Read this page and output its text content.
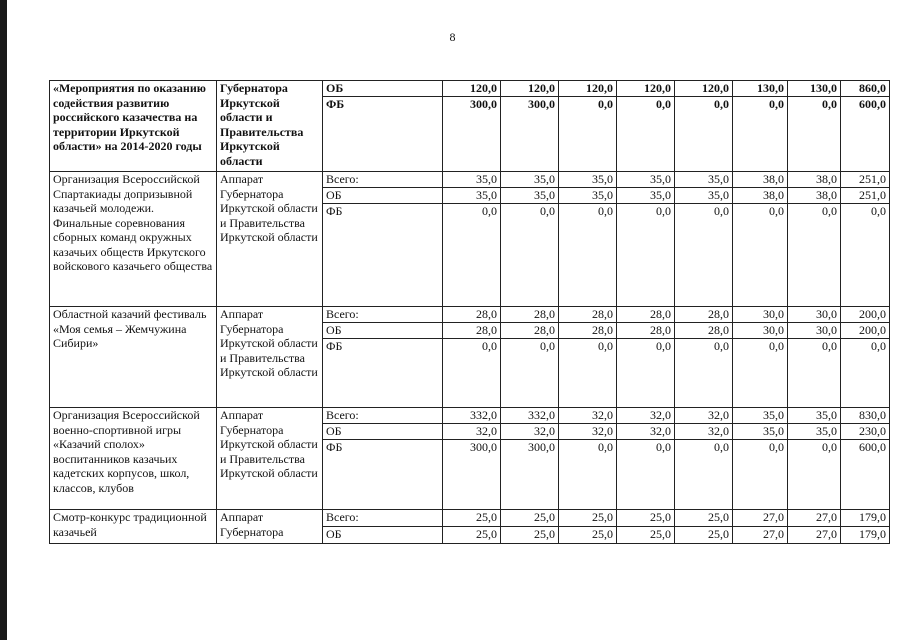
8
«Мероприятия по оказанию содействия развитию российского казачества на территории Иркутской области» на 2014-2020 годы	Губернатора Иркутской области и Правительства Иркутской области	ОБ	120,0	120,0	120,0	120,0	120,0	130,0	130,0	860,0
		ФБ	300,0	300,0	0,0	0,0	0,0	0,0	0,0	600,0
Организация Всероссийской Спартакиады допризывной казачьей молодежи. Финальные соревнования сборных команд окружных казачьих обществ Иркутского войскового казачьего общества	Аппарат Губернатора Иркутской области и Правительства Иркутской области	Всего:	35,0	35,0	35,0	35,0	35,0	38,0	38,0	251,0
		ОБ	35,0	35,0	35,0	35,0	35,0	38,0	38,0	251,0
		ФБ	0,0	0,0	0,0	0,0	0,0	0,0	0,0	0,0
Областной казачий фестиваль «Моя семья – Жемчужина Сибири»	Аппарат Губернатора Иркутской области и Правительства Иркутской области	Всего:	28,0	28,0	28,0	28,0	28,0	30,0	30,0	200,0
		ОБ	28,0	28,0	28,0	28,0	28,0	30,0	30,0	200,0
		ФБ	0,0	0,0	0,0	0,0	0,0	0,0	0,0	0,0
Организация Всероссийской военно-спортивной игры «Казачий сполох» воспитанников казачьих кадетских корпусов, школ, классов, клубов	Аппарат Губернатора Иркутской области и Правительства Иркутской области	Всего:	332,0	332,0	32,0	32,0	32,0	35,0	35,0	830,0
		ОБ	32,0	32,0	32,0	32,0	32,0	35,0	35,0	230,0
		ФБ	300,0	300,0	0,0	0,0	0,0	0,0	0,0	600,0
Смотр-конкурс традиционной казачьей	Аппарат Губернатора	Всего:	25,0	25,0	25,0	25,0	25,0	27,0	27,0	179,0
		ОБ	25,0	25,0	25,0	25,0	25,0	27,0	27,0	179,0
